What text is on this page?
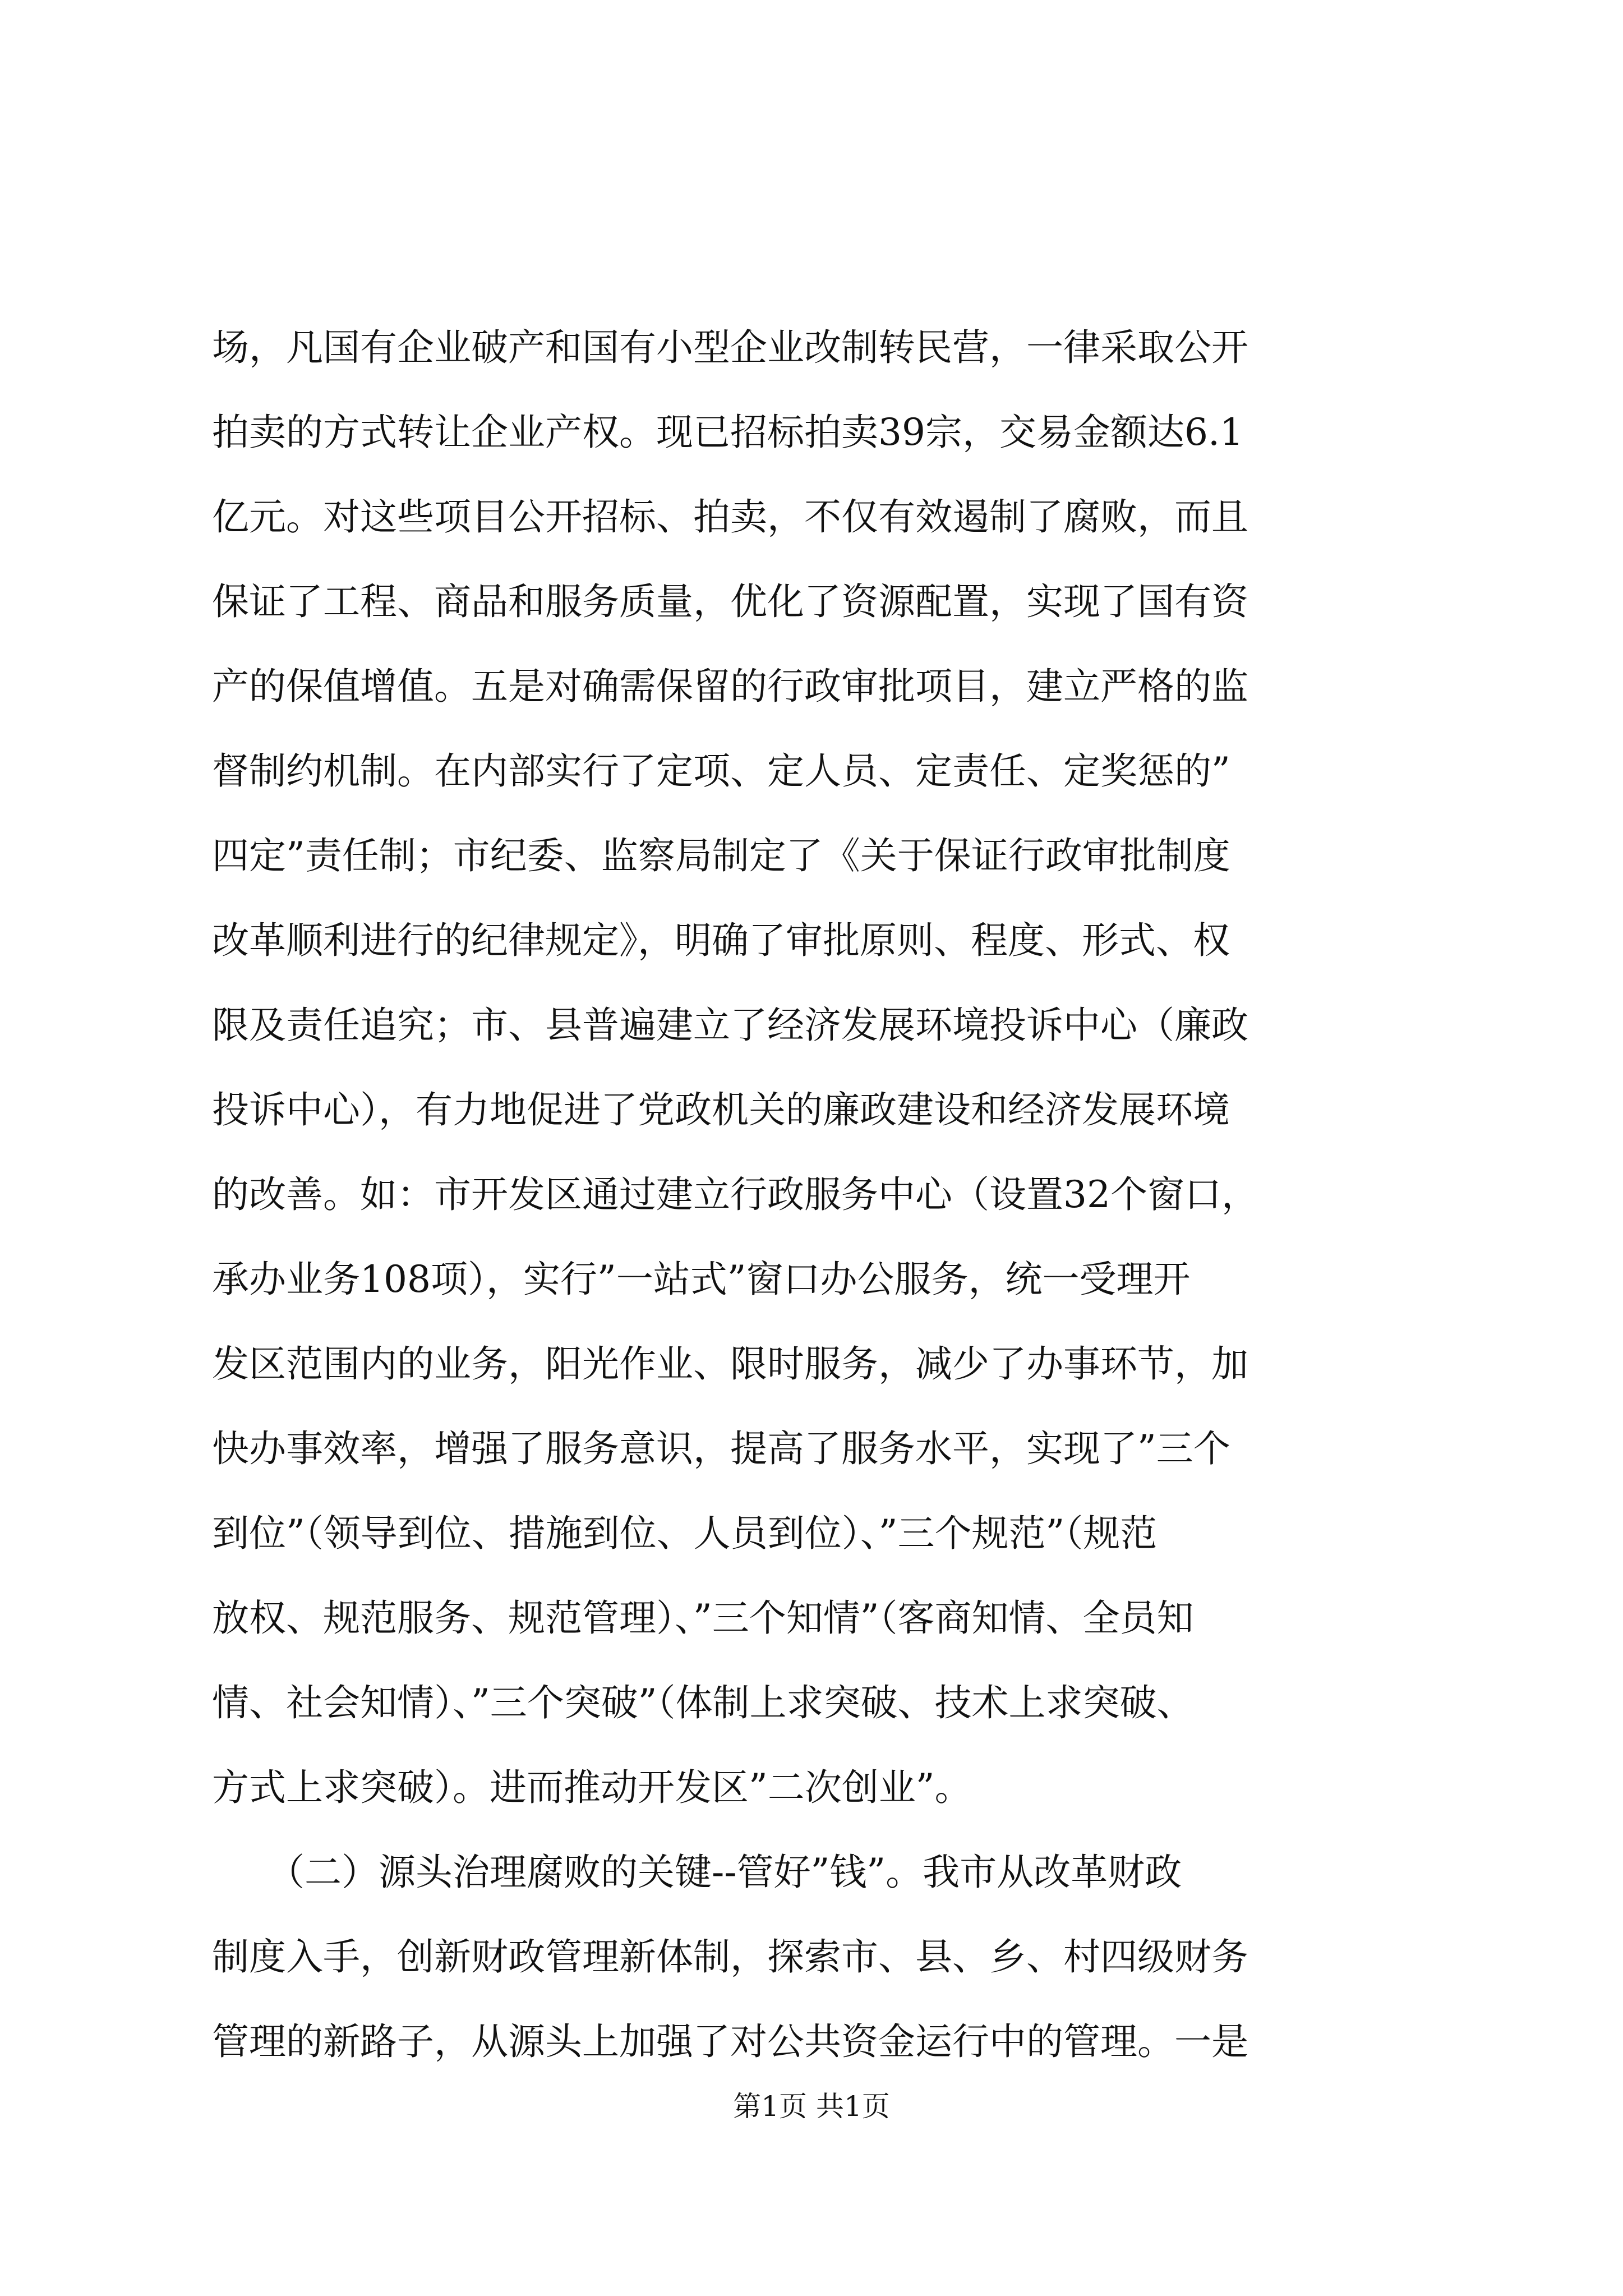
场，凡国有企业破产和国有小型企业改制转民营，一律采取公开
拍卖的方式转让企业产权。现已招标拍卖39宗，交易金额达6.1
亿元。对这些项目公开招标、拍卖，不仅有效遏制了腐败，而且
保证了工程、商品和服务质量，优化了资源配置，实现了国有资
产的保值增值。五是对确需保留的行政审批项目，建立严格的监
督制约机制。在内部实行了定项、定人员、定责任、定奖惩的”
四定”责任制；市纪委、监察局制定了《关于保证行政审批制度
改革顺利进行的纪律规定》，明确了审批原则、程度、形式、权
限及责任追究；市、县普遍建立了经济发展环境投诉中心（廉政
投诉中心），有力地促进了党政机关的廉政建设和经济发展环境
的改善。如：市开发区通过建立行政服务中心（设置32个窗口，
承办业务108项），实行”一站式”窗口办公服务，统一受理开
发区范围内的业务，阳光作业、限时服务，减少了办事环节，加
快办事效率，增强了服务意识，提高了服务水平，实现了”三个
到位”（领导到位、措施到位、人员到位）、”三个规范”（规范
放权、规范服务、规范管理）、”三个知情”（客商知情、全员知
情、社会知情）、”三个突破”（体制上求突破、技术上求突破、
方式上求突破）。进而推动开发区”二次创业”。
　　（二）源头治理腐败的关键--管好”钱”。我市从改革财政
制度入手，创新财政管理新体制，探索市、县、乡、村四级财务
管理的新路子，从源头上加强了对公共资金运行中的管理。一是
第1页 共1页
